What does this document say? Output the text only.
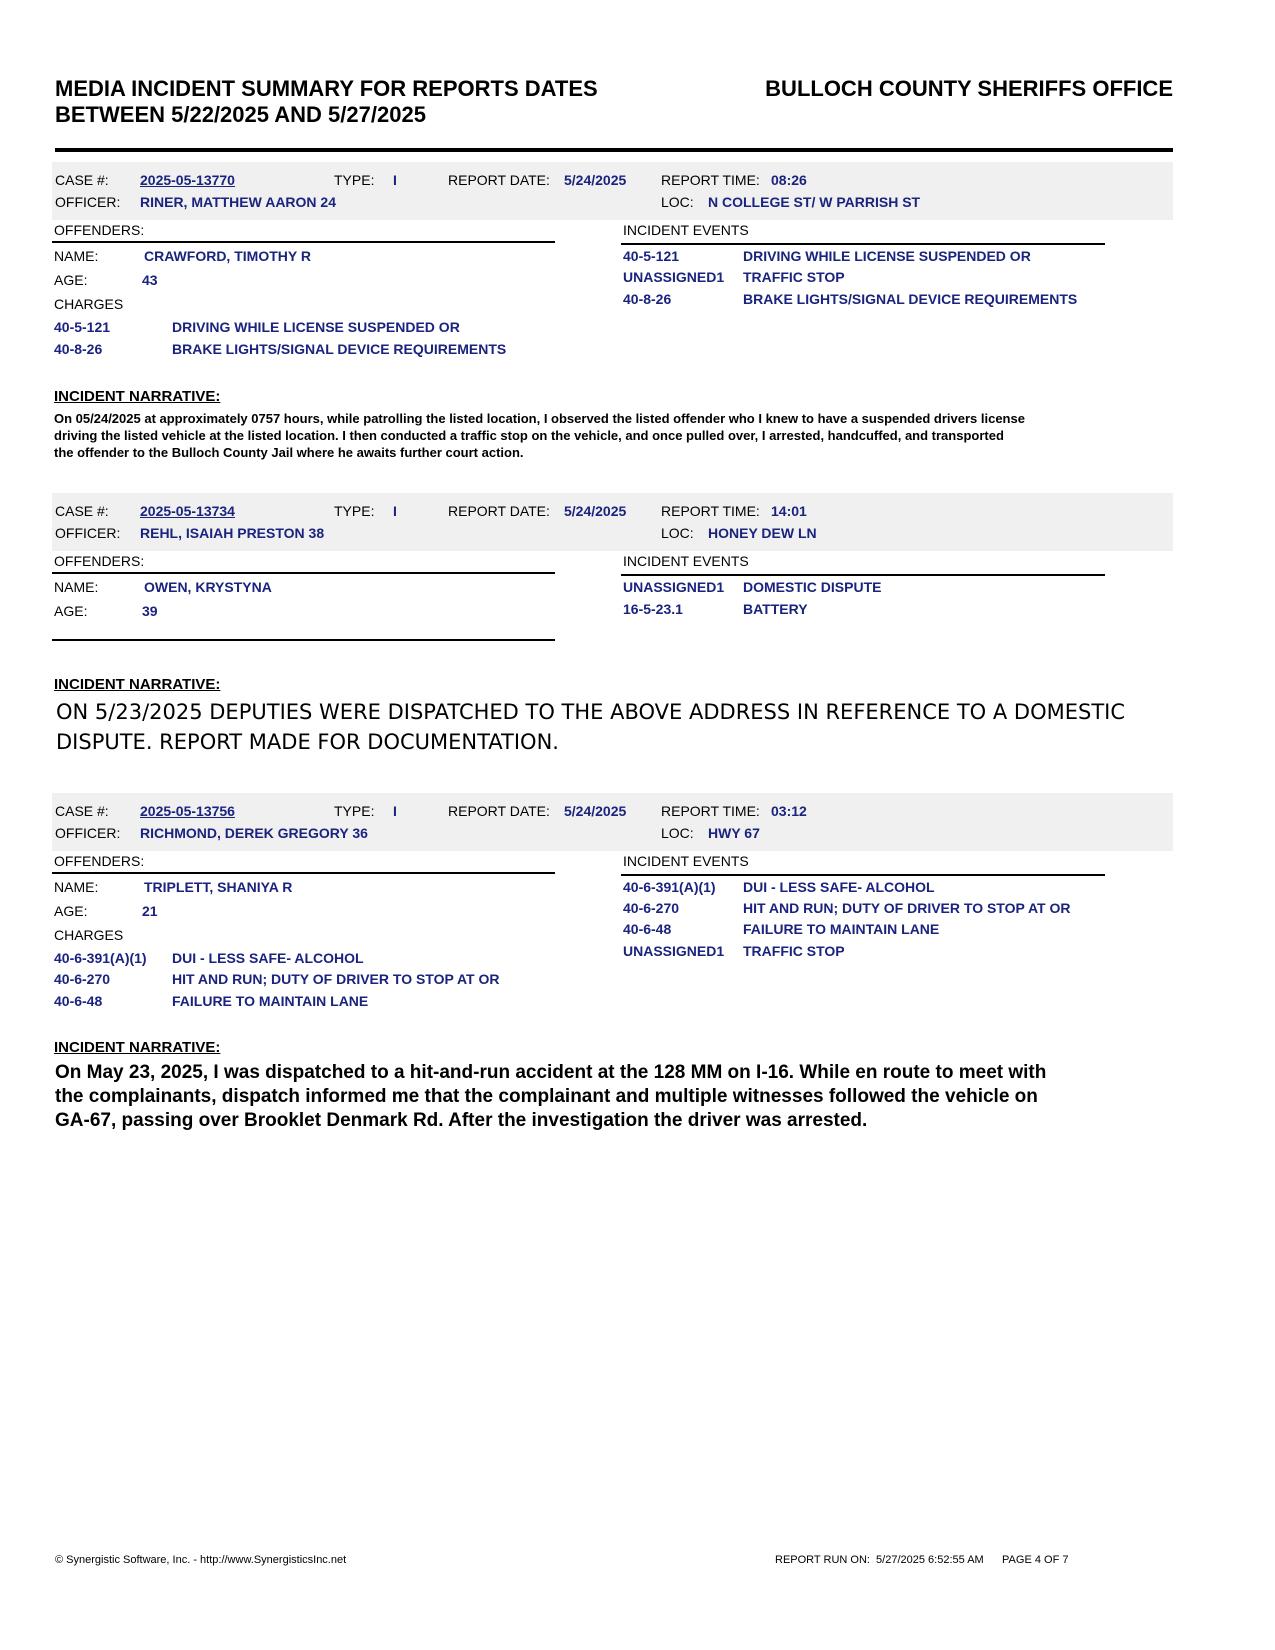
MEDIA INCIDENT SUMMARY FOR REPORTS DATES
BETWEEN 5/22/2025 AND 5/27/2025
BULLOCH COUNTY SHERIFFS OFFICE
CASE #: 2025-05-13770	TYPE: I	REPORT DATE: 5/24/2025 REPORT TIME: 08:26
OFFICER: RINER, MATTHEW AARON 24	LOC: N COLLEGE ST/ W PARRISH ST
OFFENDERS:	INCIDENT EVENTS
NAME:	CRAWFORD, TIMOTHY R
AGE:	43
CHARGES
40-5-121	DRIVING WHILE LICENSE SUSPENDED OR
40-8-26	BRAKE LIGHTS/SIGNAL DEVICE REQUIREMENTS
40-5-121	DRIVING WHILE LICENSE SUSPENDED OR
UNASSIGNED1 TRAFFIC STOP
40-8-26	BRAKE LIGHTS/SIGNAL DEVICE REQUIREMENTS
INCIDENT NARRATIVE:
On 05/24/2025 at approximately 0757 hours, while patrolling the listed location, I observed the listed offender who I knew to have a suspended drivers license
driving the listed vehicle at the listed location. I then conducted a traffic stop on the vehicle, and once pulled over, I arrested, handcuffed, and transported
the offender to the Bulloch County Jail where he awaits further court action.
CASE #: 2025-05-13734	TYPE: I	REPORT DATE: 5/24/2025 REPORT TIME: 14:01
OFFICER: REHL, ISAIAH PRESTON 38	LOC: HONEY DEW LN
OFFENDERS:	INCIDENT EVENTS
NAME:	OWEN, KRYSTYNA
AGE:	39
UNASSIGNED1 DOMESTIC DISPUTE
16-5-23.1	BATTERY
INCIDENT NARRATIVE:
ON 5/23/2025 DEPUTIES WERE DISPATCHED TO THE ABOVE ADDRESS IN REFERENCE TO A DOMESTIC
DISPUTE. REPORT MADE FOR DOCUMENTATION.
CASE #: 2025-05-13756	TYPE: I	REPORT DATE: 5/24/2025 REPORT TIME: 03:12
OFFICER: RICHMOND, DEREK GREGORY 36	LOC: HWY 67
OFFENDERS:	INCIDENT EVENTS
NAME:	TRIPLETT, SHANIYA R
AGE:	21
CHARGES
40-6-391(A)(1) DUI - LESS SAFE- ALCOHOL
40-6-270	HIT AND RUN; DUTY OF DRIVER TO STOP AT OR
40-6-48	FAILURE TO MAINTAIN LANE
40-6-391(A)(1) DUI - LESS SAFE- ALCOHOL
40-6-270	HIT AND RUN; DUTY OF DRIVER TO STOP AT OR
40-6-48	FAILURE TO MAINTAIN LANE
UNASSIGNED1 TRAFFIC STOP
INCIDENT NARRATIVE:
On May 23, 2025, I was dispatched to a hit-and-run accident at the 128 MM on I-16. While en route to meet with
the complainants, dispatch informed me that the complainant and multiple witnesses followed the vehicle on
GA-67, passing over Brooklet Denmark Rd. After the investigation the driver was arrested.
© Synergistic Software, Inc. - http://www.SynergisticsInc.net	REPORT RUN ON:  5/27/2025 6:52:55 AM      PAGE 4 OF 7
